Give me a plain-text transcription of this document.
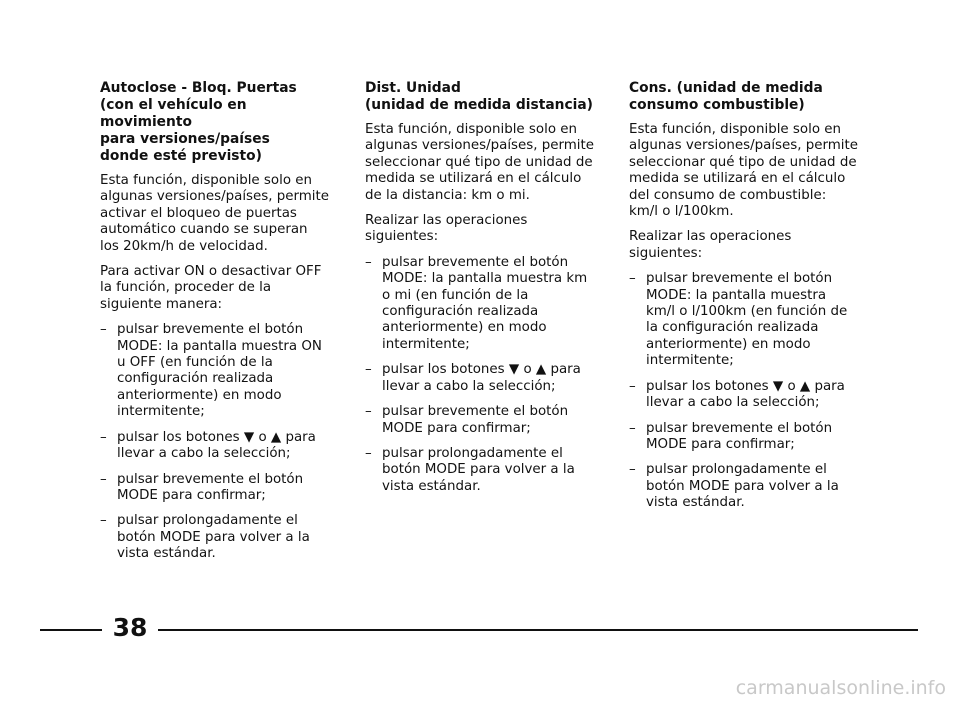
Autoclose - Bloq. Puertas
(con el vehículo en movimiento
para versiones/países
donde esté previsto)

Esta función, disponible solo en algunas versiones/países, permite activar el bloqueo de puertas automático cuando se superan los 20km/h de velocidad.

Para activar ON o desactivar OFF la función, proceder de la siguiente manera:

– pulsar brevemente el botón MODE: la pantalla muestra ON u OFF (en función de la configuración realizada anteriormente) en modo intermitente;
– pulsar los botones ▼ o ▲ para llevar a cabo la selección;
– pulsar brevemente el botón MODE para confirmar;
– pulsar prolongadamente el botón MODE para volver a la vista estándar.
Dist. Unidad
(unidad de medida distancia)

Esta función, disponible solo en algunas versiones/países, permite seleccionar qué tipo de unidad de medida se utilizará en el cálculo de la distancia: km o mi.

Realizar las operaciones siguientes:

– pulsar brevemente el botón MODE: la pantalla muestra km o mi (en función de la configuración realizada anteriormente) en modo intermitente;
– pulsar los botones ▼ o ▲ para llevar a cabo la selección;
– pulsar brevemente el botón MODE para confirmar;
– pulsar prolongadamente el botón MODE para volver a la vista estándar.
Cons. (unidad de medida
consumo combustible)

Esta función, disponible solo en algunas versiones/países, permite seleccionar qué tipo de unidad de medida se utilizará en el cálculo del consumo de combustible: km/l o l/100km.

Realizar las operaciones siguientes:

– pulsar brevemente el botón MODE: la pantalla muestra km/l o l/100km (en función de la configuración realizada anteriormente) en modo intermitente;
– pulsar los botones ▼ o ▲ para llevar a cabo la selección;
– pulsar brevemente el botón MODE para confirmar;
– pulsar prolongadamente el botón MODE para volver a la vista estándar.
38
carmanualsonline.info
